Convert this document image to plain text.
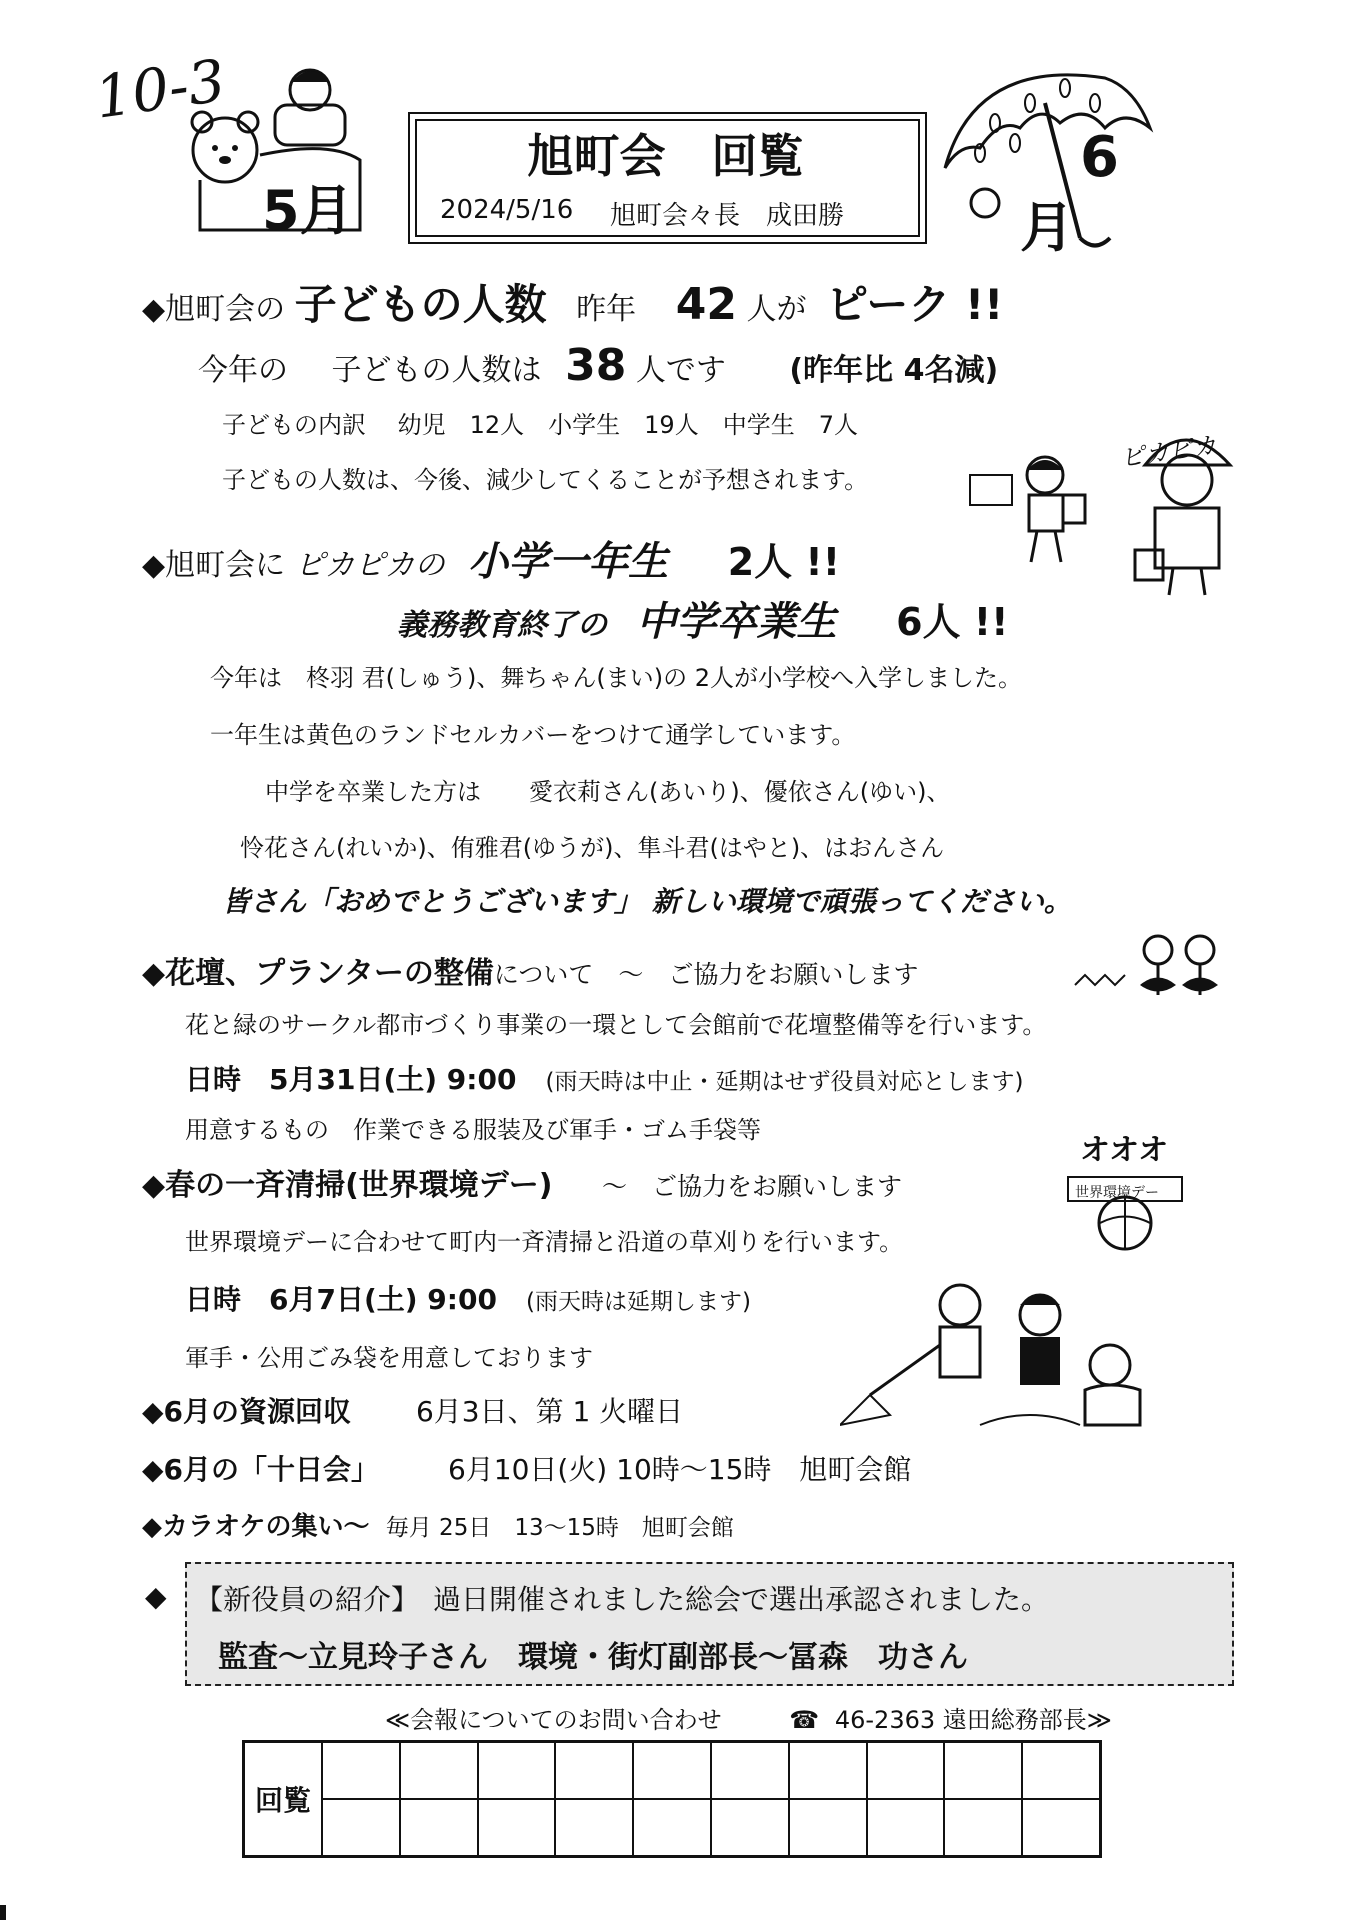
10-3
5月
旭町会　回覧
2024/5/16 旭町会々長　成田勝
6
月
◆旭町会の 子どもの人数 昨年 42 人が ピーク !!
今年の 子どもの人数は 38 人です (昨年比 4名減)
子どもの内訳　 幼児　12人　小学生　19人　中学生　7人
子どもの人数は、今後、減少してくることが予想されます。
ピカピカ
◆旭町会に ピカピカの 小学一年生 2人 !!
義務教育終了の 中学卒業生 6人 !!
今年は　柊羽 君(しゅう)、舞ちゃん(まい)の 2人が小学校へ入学しました。
一年生は黄色のランドセルカバーをつけて通学しています。
中学を卒業した方は　　愛衣莉さん(あいり)、優依さん(ゆい)、
怜花さん(れいか)、侑雅君(ゆうが)、隼斗君(はやと)、はおんさん
皆さん「おめでとうございます」 新しい環境で頑張ってください。
◆花壇、プランターの整備について　～　ご協力をお願いします
花と緑のサークル都市づくり事業の一環として会館前で花壇整備等を行います。
日時　5月31日(土) 9:00 (雨天時は中止・延期はせず役員対応とします)
用意するもの　作業できる服装及び軍手・ゴム手袋等
オオオ
世界環境デー
◆春の一斉清掃(世界環境デー) ～　ご協力をお願いします
世界環境デーに合わせて町内一斉清掃と沿道の草刈りを行います。
日時　6月7日(土) 9:00 (雨天時は延期します)
軍手・公用ごみ袋を用意しております
◆6月の資源回収 6月3日、第 1 火曜日
◆6月の「十日会」 6月10日(火) 10時～15時　旭町会館
◆カラオケの集い～ 毎月 25日　13～15時　旭町会館
◆ 【新役員の紹介】　過日開催されました総会で選出承認されました。
監査～立見玲子さん　環境・街灯副部長～冨森　功さん
≪会報についてのお問い合わせ	☎ 46-2363 遠田総務部長≫
回覧
